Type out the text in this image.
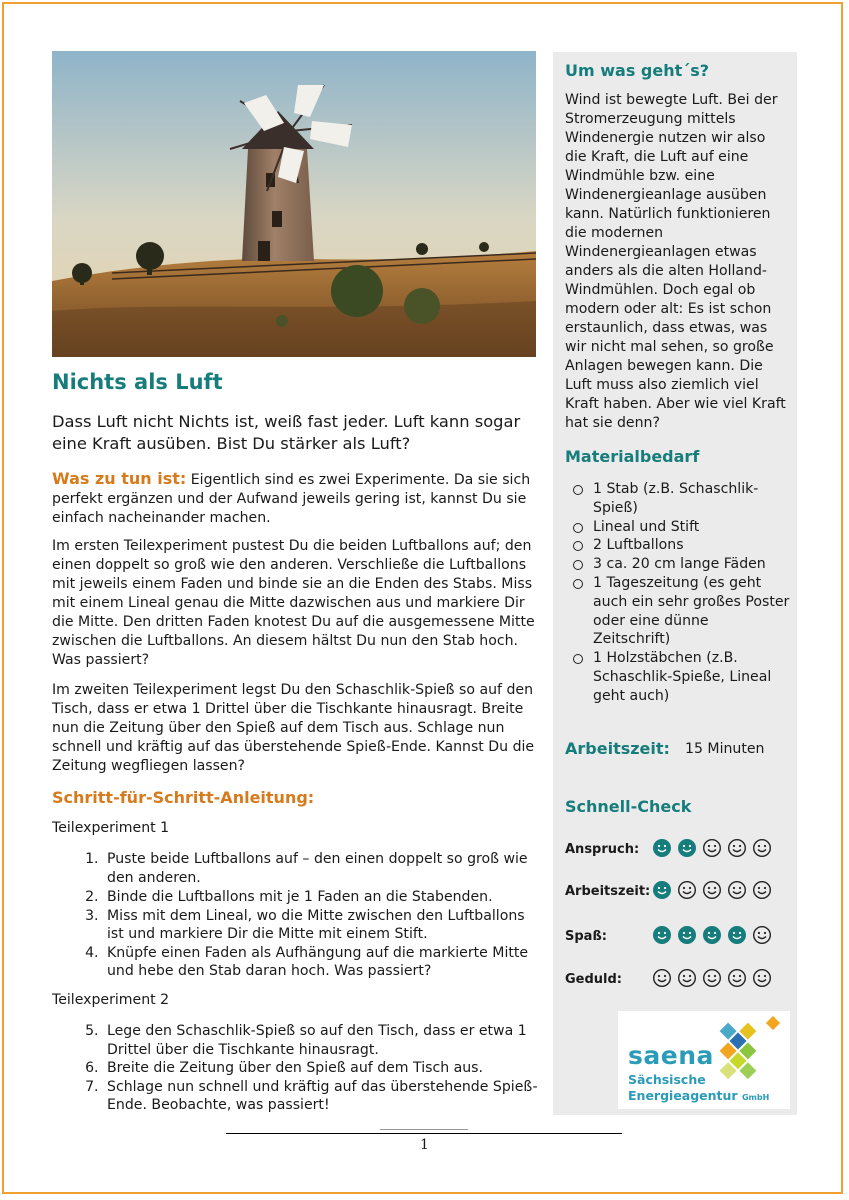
Nichts als Luft

Dass Luft nicht Nichts ist, weiß fast jeder. Luft kann sogar eine Kraft ausüben. Bist Du stärker als Luft?

Was zu tun ist: Eigentlich sind es zwei Experimente. Da sie sich perfekt ergänzen und der Aufwand jeweils gering ist, kannst Du sie einfach nacheinander machen.

Im ersten Teilexperiment pustest Du die beiden Luftballons auf; den einen doppelt so groß wie den anderen. Verschließe die Luftballons mit jeweils einem Faden und binde sie an die Enden des Stabs. Miss mit einem Lineal genau die Mitte dazwischen aus und markiere Dir die Mitte. Den dritten Faden knotest Du auf die ausgemessene Mitte zwischen die Luftballons. An diesem hältst Du nun den Stab hoch. Was passiert?

Im zweiten Teilexperiment legst Du den Schaschlik-Spieß so auf den Tisch, dass er etwa 1 Drittel über die Tischkante hinausragt. Breite nun die Zeitung über den Spieß auf dem Tisch aus. Schlage nun schnell und kräftig auf das überstehende Spieß-Ende. Kannst Du die Zeitung wegfliegen lassen?

Schritt-für-Schritt-Anleitung:

Teilexperiment 1

1. Puste beide Luftballons auf – den einen doppelt so groß wie den anderen.
2. Binde die Luftballons mit je 1 Faden an die Stabenden.
3. Miss mit dem Lineal, wo die Mitte zwischen den Luftballons ist und markiere Dir die Mitte mit einem Stift.
4. Knüpfe einen Faden als Aufhängung auf die markierte Mitte und hebe den Stab daran hoch. Was passiert?

Teilexperiment 2

5. Lege den Schaschlik-Spieß so auf den Tisch, dass er etwa 1 Drittel über die Tischkante hinausragt.
6. Breite die Zeitung über den Spieß auf dem Tisch aus.
7. Schlage nun schnell und kräftig auf das überstehende Spieß-Ende. Beobachte, was passiert!
1
Um was geht´s?

Wind ist bewegte Luft. Bei der Stromerzeugung mittels Windenergie nutzen wir also die Kraft, die Luft auf eine Windmühle bzw. eine Windenergieanlage ausüben kann. Natürlich funktionieren die modernen Windenergieanlagen etwas anders als die alten Holland-Windmühlen. Doch egal ob modern oder alt: Es ist schon erstaunlich, dass etwas, was wir nicht mal sehen, so große Anlagen bewegen kann. Die Luft muss also ziemlich viel Kraft haben. Aber wie viel Kraft hat sie denn?

Materialbedarf
1 Stab (z.B. Schaschlik-Spieß)
Lineal und Stift
2 Luftballons
3 ca. 20 cm lange Fäden
1 Tageszeitung (es geht auch ein sehr großes Poster oder eine dünne Zeitschrift)
1 Holzstäbchen (z.B. Schaschlik-Spieße, Lineal geht auch)
Arbeitszeit: 15 Minuten

Schnell-Check

Anspruch:

Arbeitszeit:

Spaß:

Geduld:

saena
Sächsische
Energieagentur GmbH
